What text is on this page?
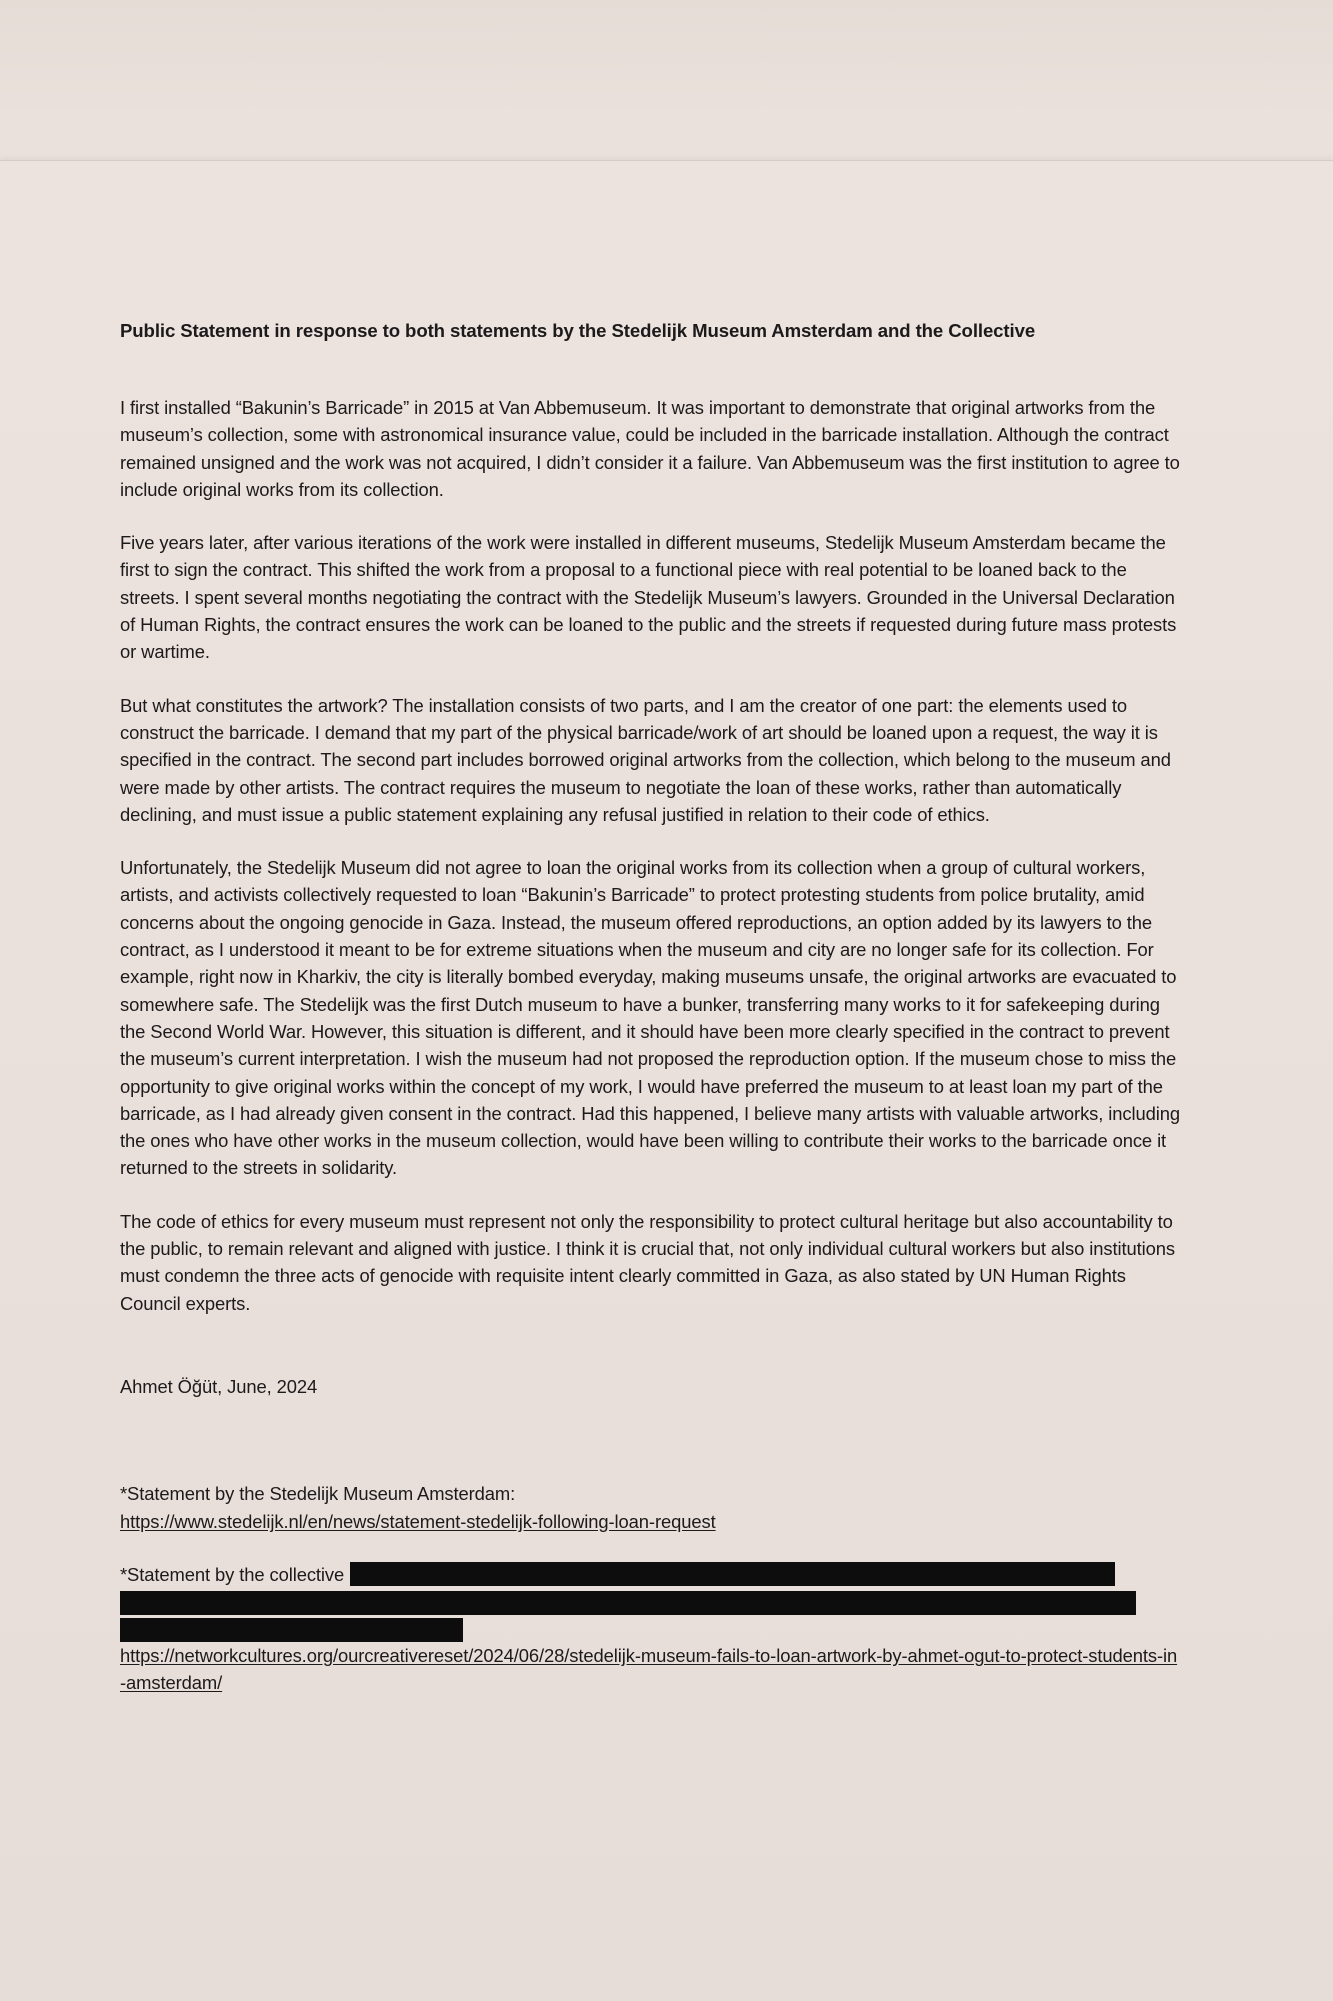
Public Statement in response to both statements by the Stedelijk Museum Amsterdam and the Collective

I first installed “Bakunin’s Barricade” in 2015 at Van Abbemuseum. It was important to demonstrate that original artworks from the museum’s collection, some with astronomical insurance value, could be included in the barricade installation. Although the contract remained unsigned and the work was not acquired, I didn’t consider it a failure. Van Abbemuseum was the first institution to agree to include original works from its collection.

Five years later, after various iterations of the work were installed in different museums, Stedelijk Museum Amsterdam became the first to sign the contract. This shifted the work from a proposal to a functional piece with real potential to be loaned back to the streets. I spent several months negotiating the contract with the Stedelijk Museum’s lawyers. Grounded in the Universal Declaration of Human Rights, the contract ensures the work can be loaned to the public and the streets if requested during future mass protests or wartime.

But what constitutes the artwork? The installation consists of two parts, and I am the creator of one part: the elements used to construct the barricade. I demand that my part of the physical barricade/work of art should be loaned upon a request, the way it is specified in the contract. The second part includes borrowed original artworks from the collection, which belong to the museum and were made by other artists. The contract requires the museum to negotiate the loan of these works, rather than automatically declining, and must issue a public statement explaining any refusal justified in relation to their code of ethics.

Unfortunately, the Stedelijk Museum did not agree to loan the original works from its collection when a group of cultural workers, artists, and activists collectively requested to loan “Bakunin’s Barricade” to protect protesting students from police brutality, amid concerns about the ongoing genocide in Gaza. Instead, the museum offered reproductions, an option added by its lawyers to the contract, as I understood it meant to be for extreme situations when the museum and city are no longer safe for its collection. For example, right now in Kharkiv, the city is literally bombed everyday, making museums unsafe, the original artworks are evacuated to somewhere safe. The Stedelijk was the first Dutch museum to have a bunker, transferring many works to it for safekeeping during the Second World War. However, this situation is different, and it should have been more clearly specified in the contract to prevent the museum’s current interpretation. I wish the museum had not proposed the reproduction option. If the museum chose to miss the opportunity to give original works within the concept of my work, I would have preferred the museum to at least loan my part of the barricade, as I had already given consent in the contract. Had this happened, I believe many artists with valuable artworks, including the ones who have other works in the museum collection, would have been willing to contribute their works to the barricade once it returned to the streets in solidarity.

The code of ethics for every museum must represent not only the responsibility to protect cultural heritage but also accountability to the public, to remain relevant and aligned with justice. I think it is crucial that, not only individual cultural workers but also institutions must condemn the three acts of genocide with requisite intent clearly committed in Gaza, as also stated by UN Human Rights Council experts.

Ahmet Öğüt, June, 2024
*Statement by the Stedelijk Museum Amsterdam:
https://www.stedelijk.nl/en/news/statement-stedelijk-following-loan-request
*Statement by the collective
https://networkcultures.org/ourcreativereset/2024/06/28/stedelijk-museum-fails-to-loan-artwork-by-ahmet-ogut-to-protect-students-in-amsterdam/
